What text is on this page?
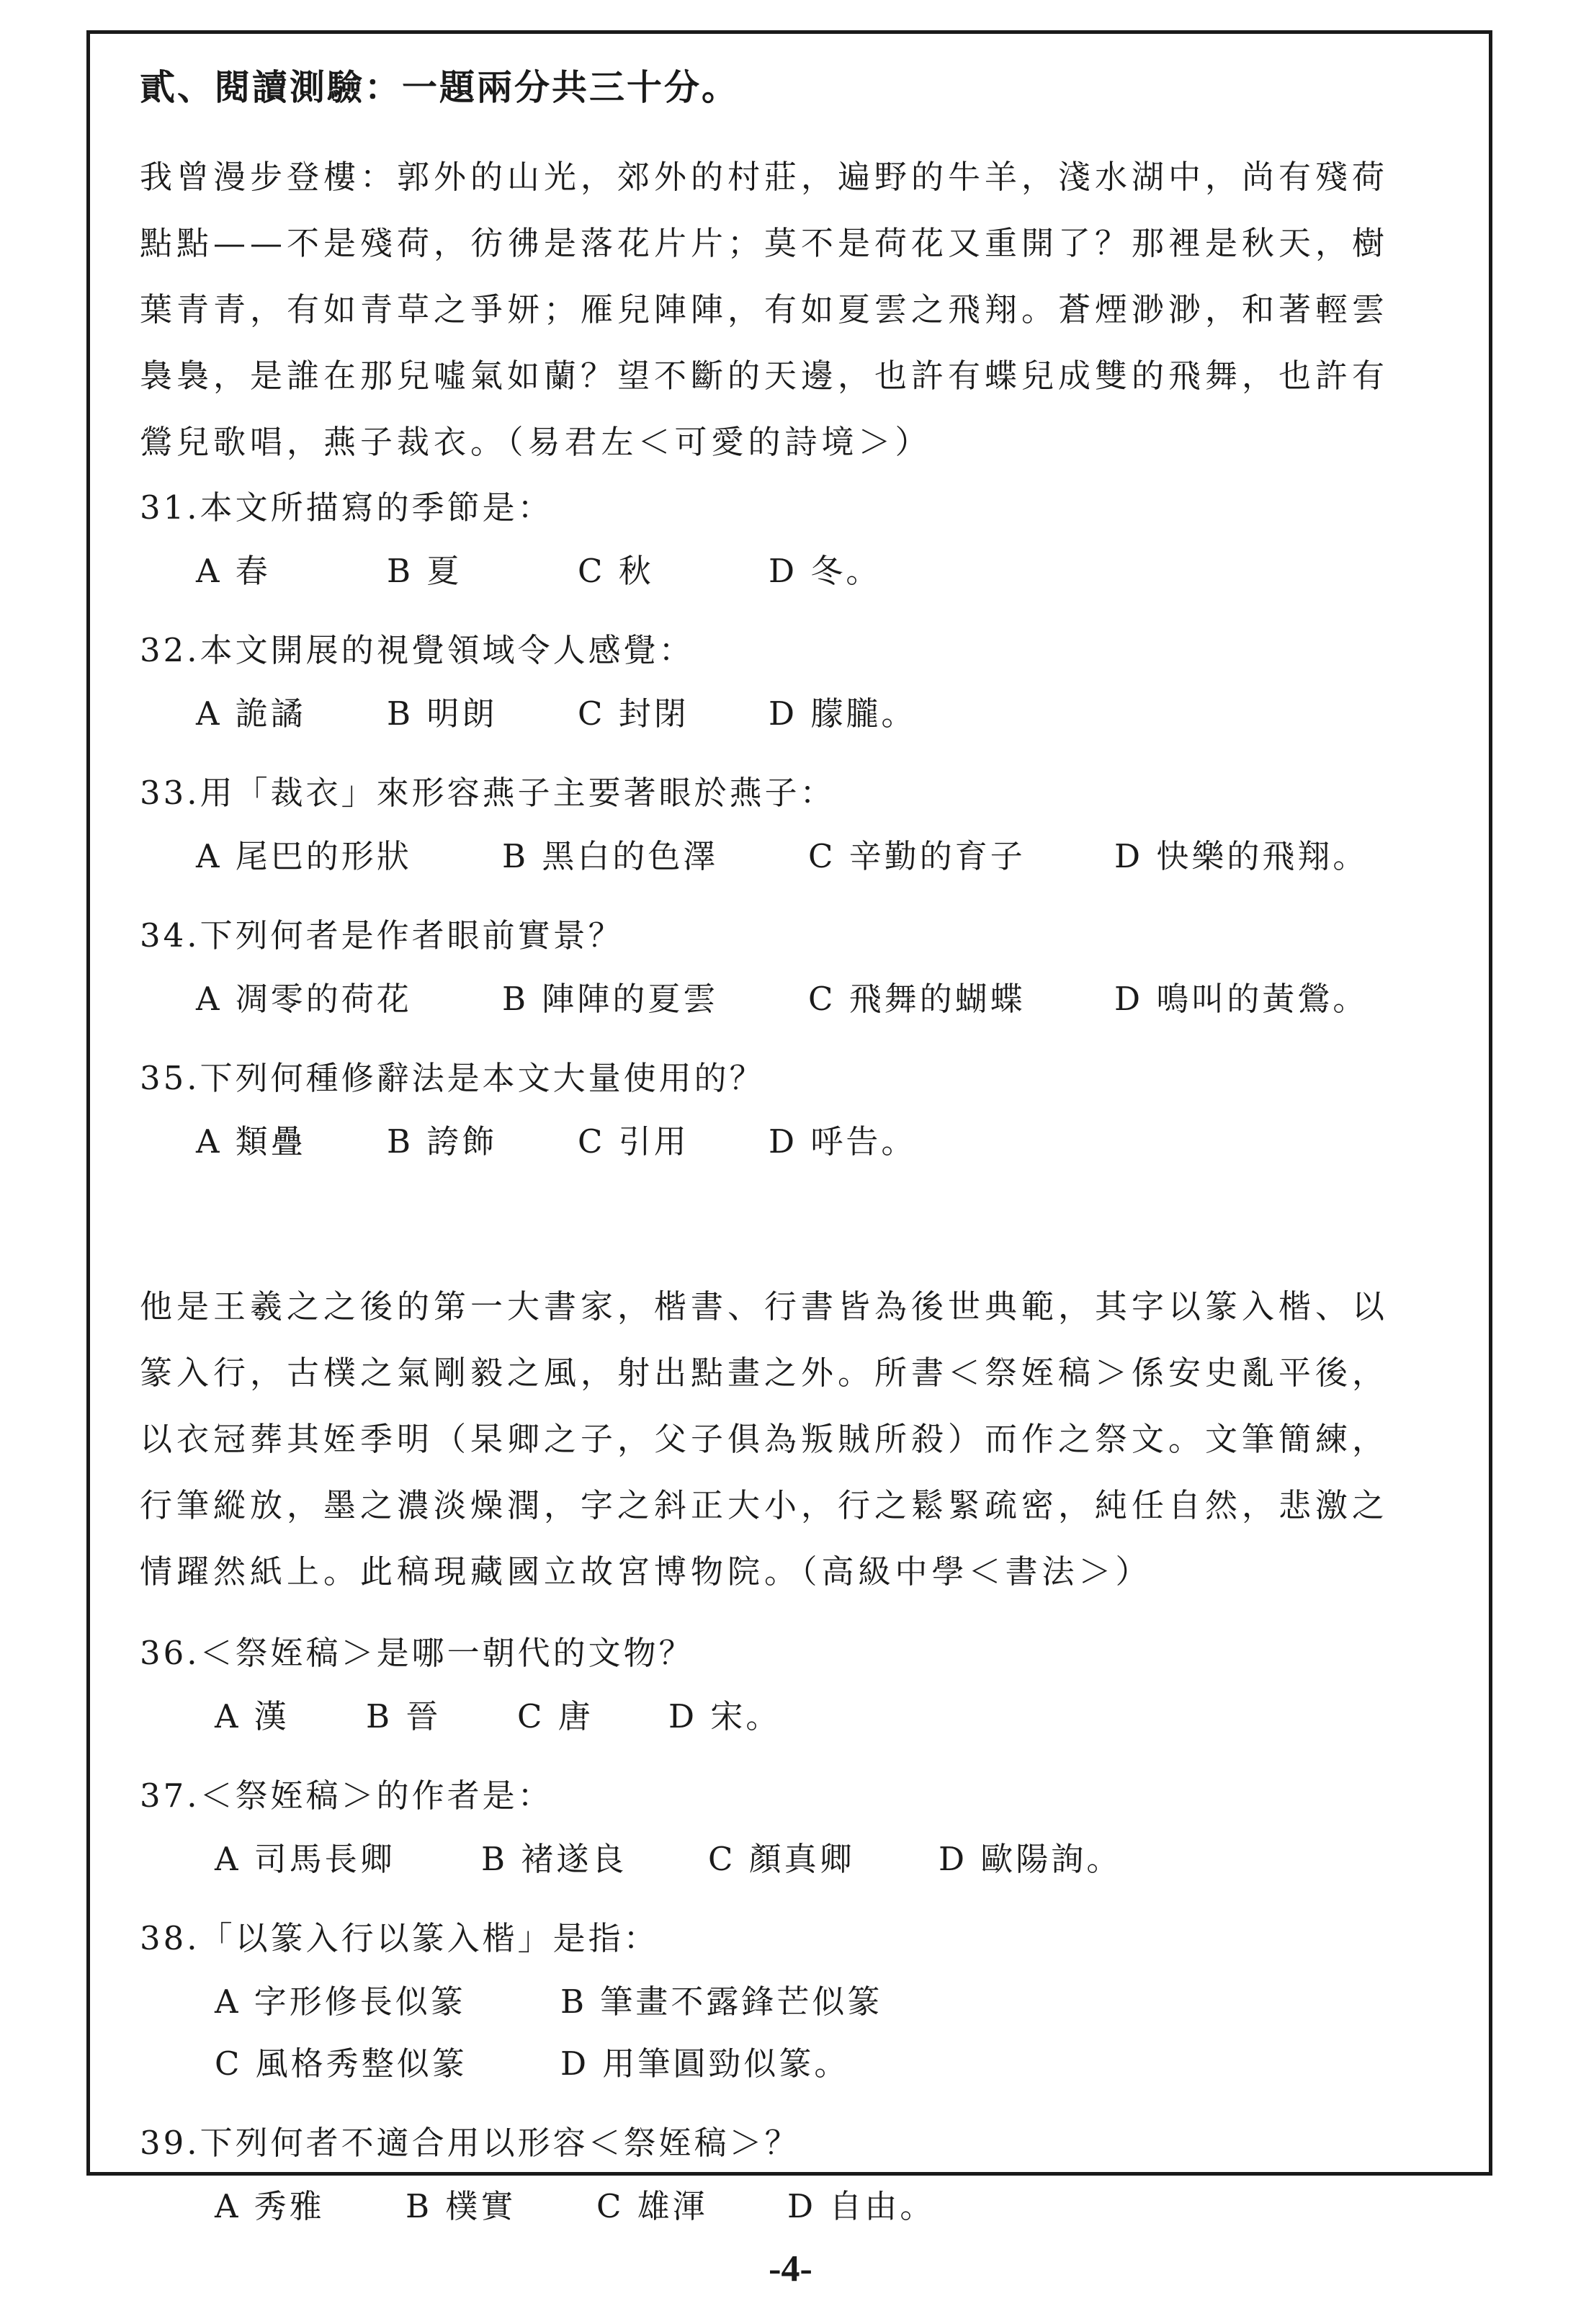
貳、閱讀測驗：一題兩分共三十分。
我曾漫步登樓：郭外的山光，郊外的村莊，遍野的牛羊，淺水湖中，尚有殘荷
點點——不是殘荷，彷彿是落花片片；莫不是荷花又重開了？那裡是秋天，樹
葉青青，有如青草之爭妍；雁兒陣陣，有如夏雲之飛翔。蒼煙渺渺，和著輕雲
裊裊，是誰在那兒噓氣如蘭？望不斷的天邊，也許有蝶兒成雙的飛舞，也許有
鶯兒歌唱，燕子裁衣。（易君左＜可愛的詩境＞）
31.本文所描寫的季節是：
A 春	B 夏	C 秋	D 冬。
32.本文開展的視覺領域令人感覺：
A 詭譎 B 明朗 C 封閉 D 朦朧。
33.用「裁衣」來形容燕子主要著眼於燕子：
A 尾巴的形狀	B 黑白的色澤	C 辛勤的育子	D 快樂的飛翔。
34.下列何者是作者眼前實景？
A 凋零的荷花	B 陣陣的夏雲	C 飛舞的蝴蝶	D 鳴叫的黃鶯。
35.下列何種修辭法是本文大量使用的？
A 類疊 B 誇飾 C 引用 D 呼告。
他是王羲之之後的第一大書家，楷書、行書皆為後世典範，其字以篆入楷、以
篆入行，古樸之氣剛毅之風，射出點畫之外。所書＜祭姪稿＞係安史亂平後，
以衣冠葬其姪季明（杲卿之子，父子俱為叛賊所殺）而作之祭文。文筆簡練，
行筆縱放，墨之濃淡燥潤，字之斜正大小，行之鬆緊疏密，純任自然，悲激之
情躍然紙上。此稿現藏國立故宮博物院。（高級中學＜書法＞）
36.＜祭姪稿＞是哪一朝代的文物？
A 漢 B 晉 C 唐 D 宋。
37.＜祭姪稿＞的作者是：
A 司馬長卿	B 褚遂良	C 顏真卿	D 歐陽詢。
38.「以篆入行以篆入楷」是指：
A 字形修長似篆	B 筆畫不露鋒芒似篆
C 風格秀整似篆	D 用筆圓勁似篆。
39.下列何者不適合用以形容＜祭姪稿＞？
A 秀雅 B 樸實 C 雄渾 D 自由。
-4-
